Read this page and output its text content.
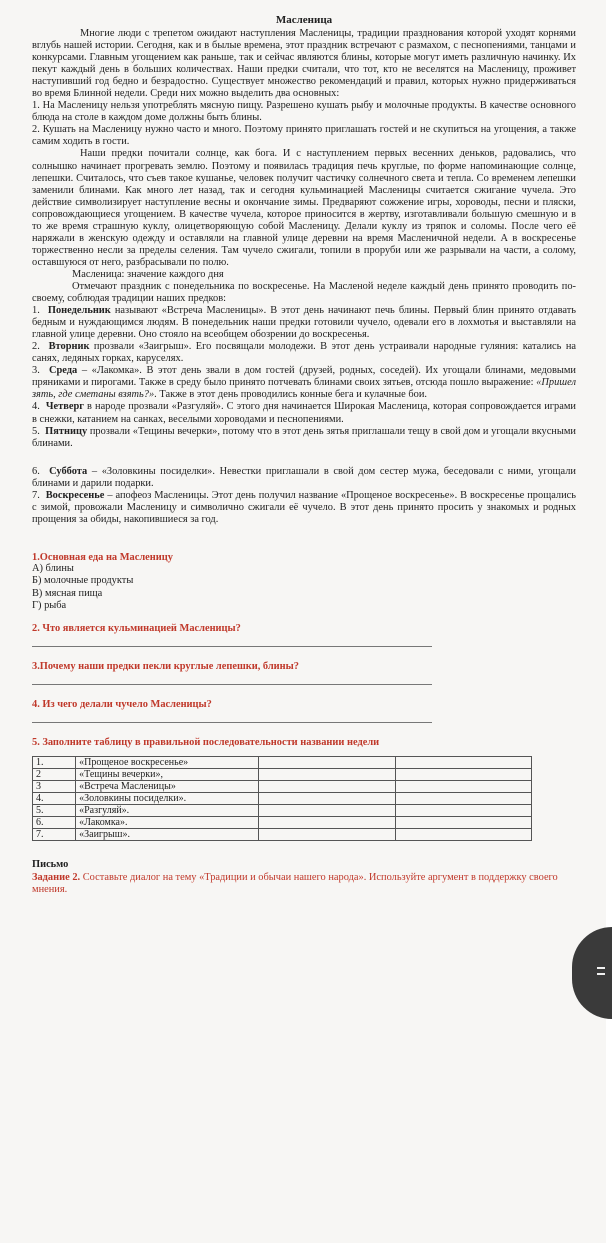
Масленица

Многие люди с трепетом ожидают наступления Масленицы, традиции празднования которой уходят корнями вглубь нашей истории. Сегодня, как и в былые времена, этот праздник встречают с размахом, с песнопениями, танцами и конкурсами. Главным угощением как раньше, так и сейчас являются блины, которые могут иметь различную начинку. Их пекут каждый день в больших количествах. Наши предки считали, что тот, кто не веселятся на Масленицу, проживет наступивший год бедно и безрадостно. Существует множество рекомендаций и правил, которых нужно придерживаться во время Блинной недели. Среди них можно выделить два основных:

1. На Масленицу нельзя употреблять мясную пищу. Разрешено кушать рыбу и молочные продукты. В качестве основного блюда на столе в каждом доме должны быть блины.

2. Кушать на Масленицу нужно часто и много. Поэтому принято приглашать гостей и не скупиться на угощения, а также самим ходить в гости.

Наши предки почитали солнце, как бога. И с наступлением первых весенних деньков, радовались, что солнышко начинает прогревать землю. Поэтому и появилась традиция печь круглые, по форме напоминающие солнце, лепешки. Считалось, что съев такое кушанье, человек получит частичку солнечного света и тепла. Со временем лепешки заменили блинами. Как много лет назад, так и сегодня кульминацией Масленицы считается сжигание чучела. Это действие символизирует наступление весны и окончание зимы. Предваряют сожжение игры, хороводы, песни и пляски, сопровождающиеся угощением. В качестве чучела, которое приносится в жертву, изготавливали большую смешную и в то же время страшную куклу, олицетворяющую собой Масленицу. Делали куклу из тряпок и соломы. После чего её наряжали в женскую одежду и оставляли на главной улице деревни на время Масленичной недели. А в воскресенье торжественно несли за пределы селения. Там чучело сжигали, топили в проруби или же разрывали на части, а солому, оставшуюся от него, разбрасывали по полю.

Масленица: значение каждого дня

Отмечают праздник с понедельника по воскресенье. На Масленой неделе каждый день принято проводить по-своему, соблюдая традиции наших предков:

1. Понедельник называют «Встреча Масленицы». В этот день начинают печь блины. Первый блин принято отдавать бедным и нуждающимся людям. В понедельник наши предки готовили чучело, одевали его в лохмотья и выставляли на главной улице деревни. Оно стояло на всеобщем обозрении до воскресенья.

2. Вторник прозвали «Заигрыш». Его посвящали молодежи. В этот день устраивали народные гуляния: катались на санях, ледяных горках, каруселях.

3. Среда – «Лакомка». В этот день звали в дом гостей (друзей, родных, соседей). Их угощали блинами, медовыми пряниками и пирогами. Также в среду было принято потчевать блинами своих зятьев, отсюда пошло выражение: «Пришел зять, где сметаны взять?». Также в этот день проводились конные бега и кулачные бои.

4. Четверг в народе прозвали «Разгуляй». С этого дня начинается Широкая Масленица, которая сопровождается играми в снежки, катанием на санках, веселыми хороводами и песнопениями.

5. Пятницу прозвали «Тещины вечерки», потому что в этот день зятья приглашали тещу в свой дом и угощали вкусными блинами.

6. Суббота – «Золовкины посиделки». Невестки приглашали в свой дом сестер мужа, беседовали с ними, угощали блинами и дарили подарки.

7. Воскресенье – апофеоз Масленицы. Этот день получил название «Прощеное воскресенье». В воскресенье прощались с зимой, провожали Масленицу и символично сжигали её чучело. В этот день принято просить у знакомых и родных прощения за обиды, накопившиеся за год.

1.Основная еда на Масленицу

А) блины
Б) молочные продукты
В) мясная пища
Г) рыба

2. Что является кульминацией Масленицы?

3.Почему наши предки пекли круглые лепешки, блины?

4. Из чего делали чучело Масленицы?

5. Заполните таблицу в правильной последовательности названии недели

1.	«Прощеное воскресенье»		
2	«Тещины вечерки»,		
3	«Встреча Масленицы»		
4.	«Золовкины посиделки».		
5.	«Разгуляй».		
6.	«Лакомка».		
7.	«Заигрыш».		

Письмо

Задание 2. Составьте диалог на тему «Традиции и обычаи нашего народа». Используйте аргумент в поддержку своего мнения.
